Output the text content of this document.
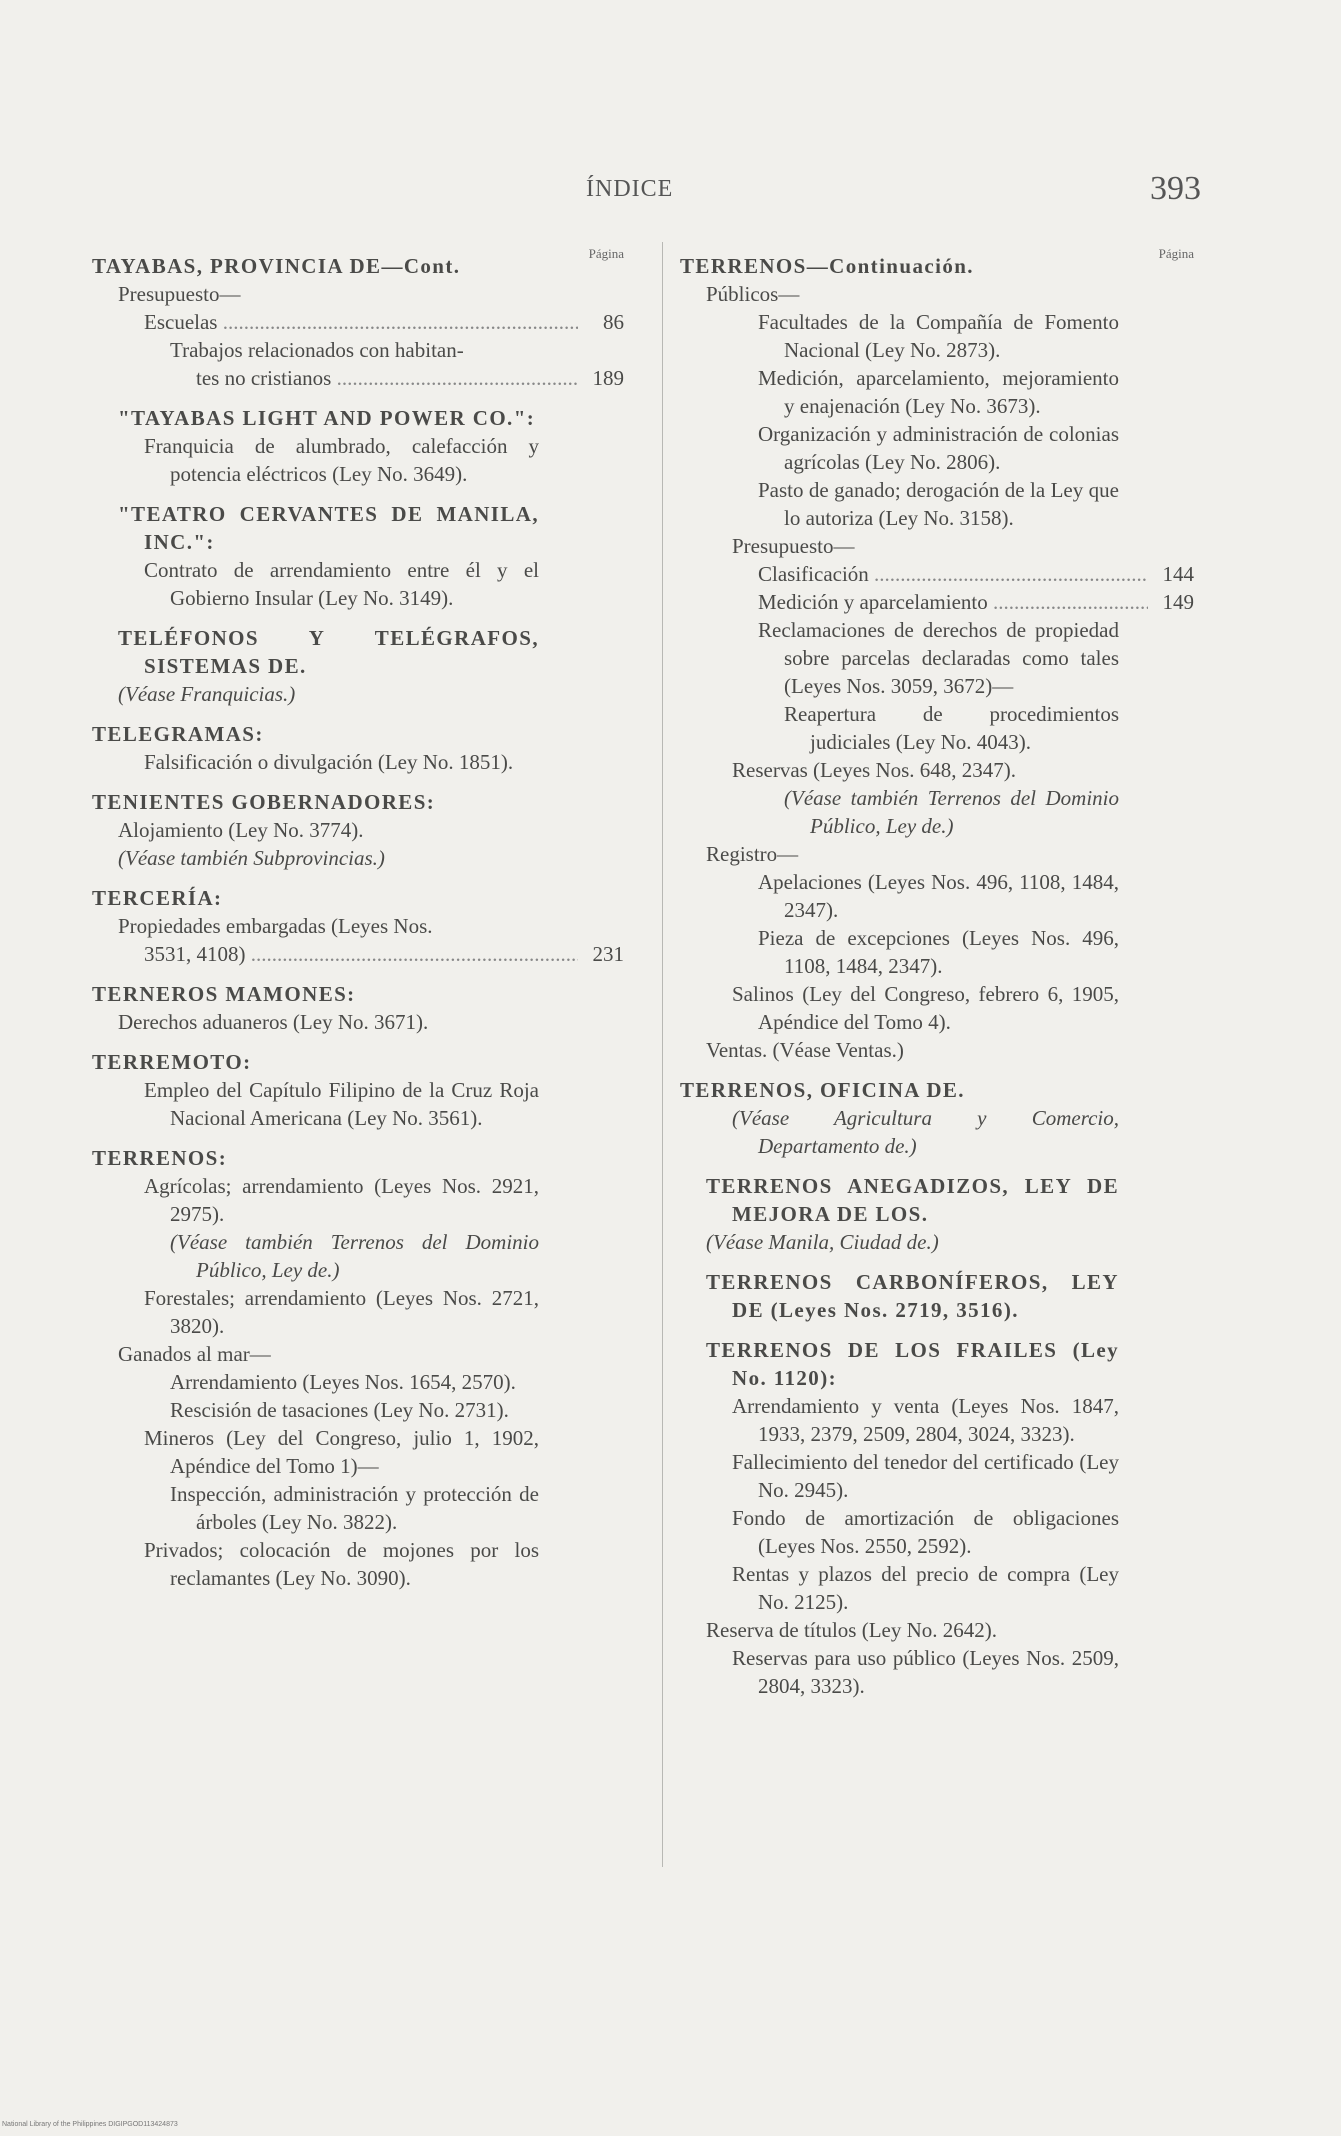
ÍNDICE	393
Página
TAYABAS, PROVINCIA DE—Cont.
Presupuesto—
Escuelas .....	86
Trabajos relacionados con habitan-
tes no cristianos .....	189
"TAYABAS LIGHT AND POWER CO.":
Franquicia de alumbrado, calefacción y potencia eléctricos (Ley No. 3649).
"TEATRO CERVANTES DE MANILA, INC.":
Contrato de arrendamiento entre él y el Gobierno Insular (Ley No. 3149).
TELÉFONOS Y TELÉGRAFOS, SISTEMAS DE.
(Véase Franquicias.)
TELEGRAMAS:
Falsificación o divulgación (Ley No. 1851).
TENIENTES GOBERNADORES:
Alojamiento (Ley No. 3774).
(Véase también Subprovincias.)
TERCERÍA:
Propiedades embargadas (Leyes Nos.
3531, 4108) .....	231
TERNEROS MAMONES:
Derechos aduaneros (Ley No. 3671).
TERREMOTO:
Empleo del Capítulo Filipino de la Cruz Roja Nacional Americana (Ley No. 3561).
TERRENOS:
Agrícolas; arrendamiento (Leyes Nos. 2921, 2975).
(Véase también Terrenos del Dominio Público, Ley de.)
Forestales; arrendamiento (Leyes Nos. 2721, 3820).
Ganados al mar—
Arrendamiento (Leyes Nos. 1654, 2570).
Rescisión de tasaciones (Ley No. 2731).
Mineros (Ley del Congreso, julio 1, 1902, Apéndice del Tomo 1)—
Inspección, administración y protección de árboles (Ley No. 3822).
Privados; colocación de mojones por los reclamantes (Ley No. 3090).
Página
TERRENOS—Continuación.
Públicos—
Facultades de la Compañía de Fomento Nacional (Ley No. 2873).
Medición, aparcelamiento, mejoramiento y enajenación (Ley No. 3673).
Organización y administración de colonias agrícolas (Ley No. 2806).
Pasto de ganado; derogación de la Ley que lo autoriza (Ley No. 3158).
Presupuesto—
Clasificación .....	144
Medición y aparcelamiento .....	149
Reclamaciones de derechos de propiedad sobre parcelas declaradas como tales (Leyes Nos. 3059, 3672)—
Reapertura de procedimientos judiciales (Ley No. 4043).
Reservas (Leyes Nos. 648, 2347).
(Véase también Terrenos del Dominio Público, Ley de.)
Registro—
Apelaciones (Leyes Nos. 496, 1108, 1484, 2347).
Pieza de excepciones (Leyes Nos. 496, 1108, 1484, 2347).
Salinos (Ley del Congreso, febrero 6, 1905, Apéndice del Tomo 4).
Ventas. (Véase Ventas.)
TERRENOS, OFICINA DE.
(Véase Agricultura y Comercio, Departamento de.)
TERRENOS ANEGADIZOS, LEY DE MEJORA DE LOS.
(Véase Manila, Ciudad de.)
TERRENOS CARBONÍFEROS, LEY DE (Leyes Nos. 2719, 3516).
TERRENOS DE LOS FRAILES (Ley No. 1120):
Arrendamiento y venta (Leyes Nos. 1847, 1933, 2379, 2509, 2804, 3024, 3323).
Fallecimiento del tenedor del certificado (Ley No. 2945).
Fondo de amortización de obligaciones (Leyes Nos. 2550, 2592).
Rentas y plazos del precio de compra (Ley No. 2125).
Reserva de títulos (Ley No. 2642).
Reservas para uso público (Leyes Nos. 2509, 2804, 3323).
National Library of the Philippines DIGIPGOD113424873
